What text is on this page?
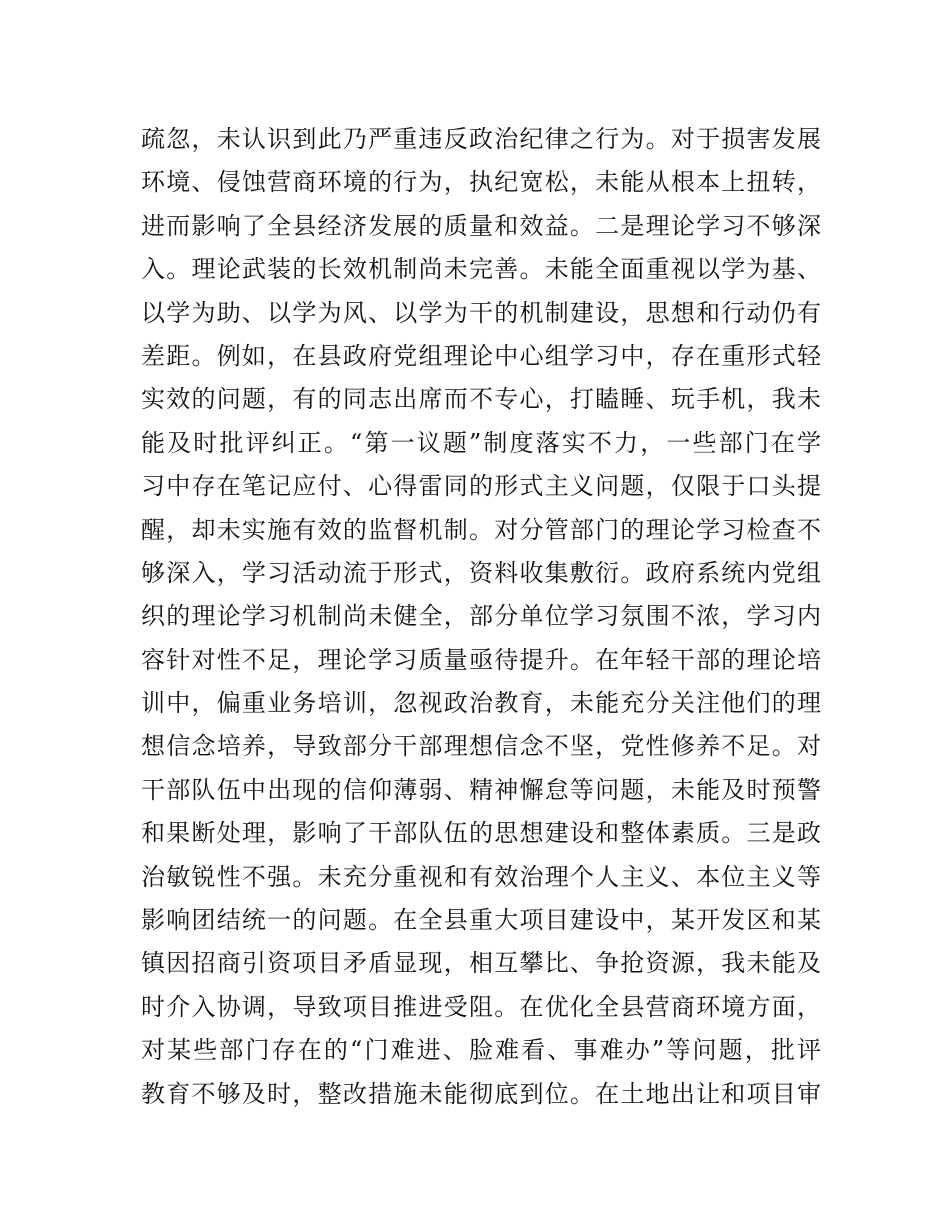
疏忽，未认识到此乃严重违反政治纪律之行为。对于损害发展
环境、侵蚀营商环境的行为，执纪宽松，未能从根本上扭转，
进而影响了全县经济发展的质量和效益。二是理论学习不够深
入。理论武装的长效机制尚未完善。未能全面重视以学为基、
以学为助、以学为风、以学为干的机制建设，思想和行动仍有
差距。例如，在县政府党组理论中心组学习中，存在重形式轻
实效的问题，有的同志出席而不专心，打瞌睡、玩手机，我未
能及时批评纠正。“第一议题”制度落实不力，一些部门在学
习中存在笔记应付、心得雷同的形式主义问题，仅限于口头提
醒，却未实施有效的监督机制。对分管部门的理论学习检查不
够深入，学习活动流于形式，资料收集敷衍。政府系统内党组
织的理论学习机制尚未健全，部分单位学习氛围不浓，学习内
容针对性不足，理论学习质量亟待提升。在年轻干部的理论培
训中，偏重业务培训，忽视政治教育，未能充分关注他们的理
想信念培养，导致部分干部理想信念不坚，党性修养不足。对
干部队伍中出现的信仰薄弱、精神懈怠等问题，未能及时预警
和果断处理，影响了干部队伍的思想建设和整体素质。三是政
治敏锐性不强。未充分重视和有效治理个人主义、本位主义等
影响团结统一的问题。在全县重大项目建设中，某开发区和某
镇因招商引资项目矛盾显现，相互攀比、争抢资源，我未能及
时介入协调，导致项目推进受阻。在优化全县营商环境方面，
对某些部门存在的“门难进、脸难看、事难办”等问题，批评
教育不够及时，整改措施未能彻底到位。在土地出让和项目审
